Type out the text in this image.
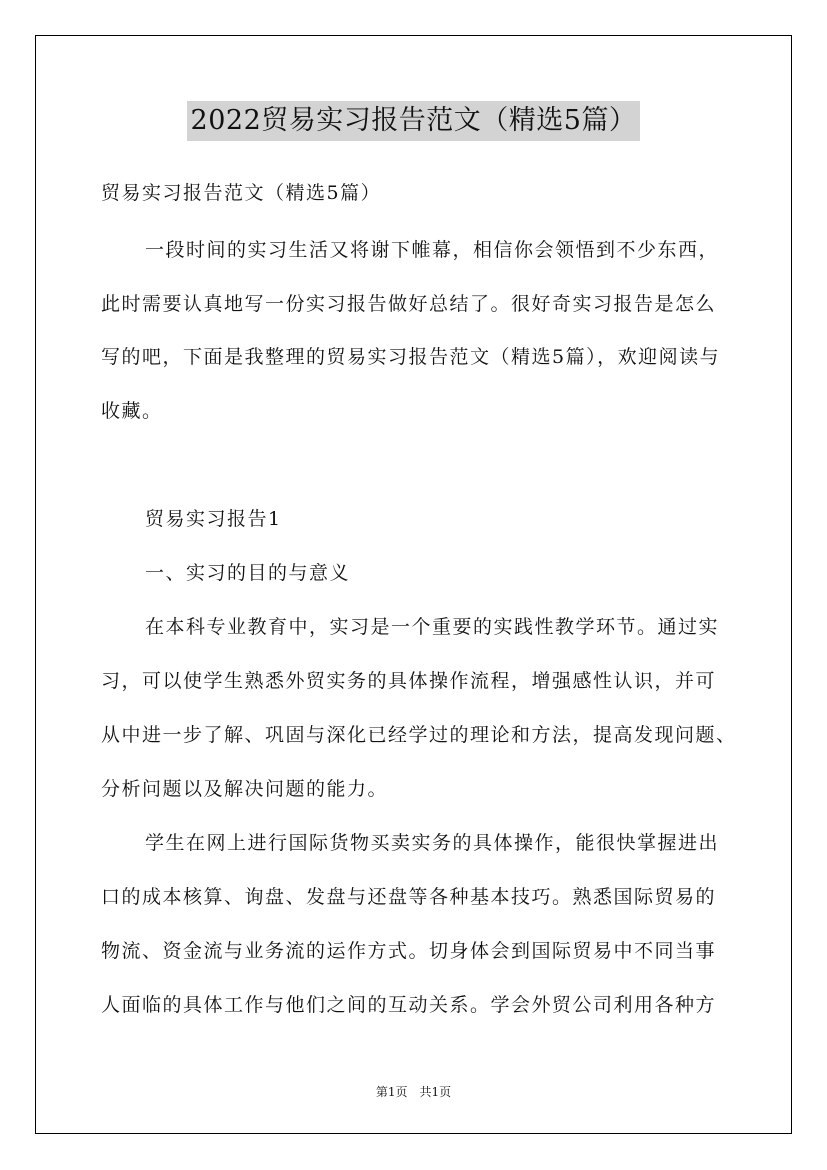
2022贸易实习报告范文（精选5篇）
贸易实习报告范文（精选5篇）
一段时间的实习生活又将谢下帷幕，相信你会领悟到不少东西，
此时需要认真地写一份实习报告做好总结了。很好奇实习报告是怎么
写的吧，下面是我整理的贸易实习报告范文（精选5篇），欢迎阅读与
收藏。
贸易实习报告1
一、实习的目的与意义
在本科专业教育中，实习是一个重要的实践性教学环节。通过实
习，可以使学生熟悉外贸实务的具体操作流程，增强感性认识，并可
从中进一步了解、巩固与深化已经学过的理论和方法，提高发现问题、
分析问题以及解决问题的能力。
学生在网上进行国际货物买卖实务的具体操作，能很快掌握进出
口的成本核算、询盘、发盘与还盘等各种基本技巧。熟悉国际贸易的
物流、资金流与业务流的运作方式。切身体会到国际贸易中不同当事
人面临的具体工作与他们之间的互动关系。学会外贸公司利用各种方
第1页　共1页
